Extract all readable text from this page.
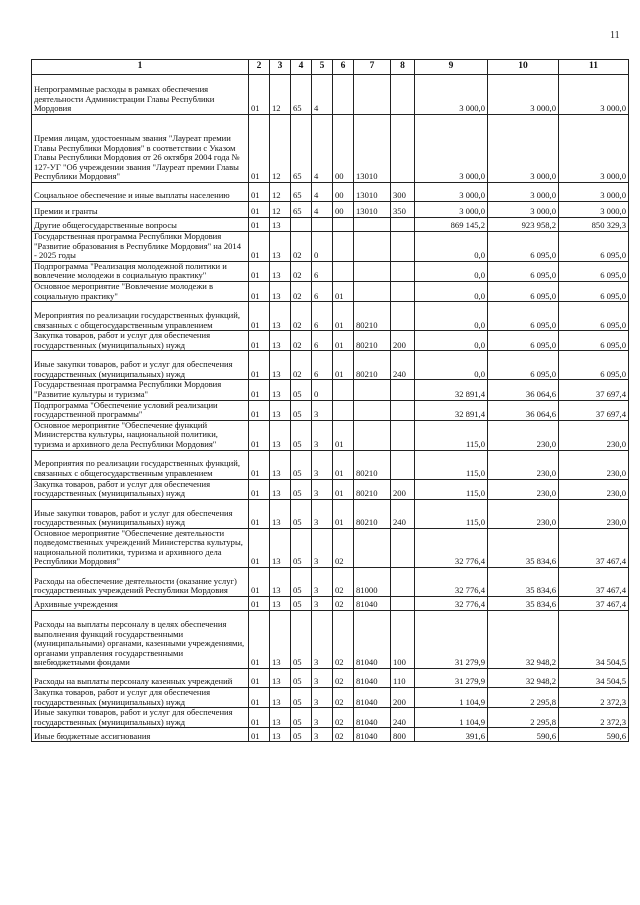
11
1	2	3	4	5	6	7	8	9	10	11
Непрограммные расходы в рамках обеспечения деятельности Администрации Главы Республики Мордовия	01	12	65	4				3 000,0	3 000,0	3 000,0
Премия лицам, удостоенным звания "Лауреат премии Главы Республики Мордовия" в соответствии с Указом Главы Республики Мордовия от 26 октября 2004 года № 127-УГ "Об учреждении звания "Лауреат премии Главы Республики Мордовия"	01	12	65	4	00	13010		3 000,0	3 000,0	3 000,0
Социальное обеспечение и иные выплаты населению	01	12	65	4	00	13010	300	3 000,0	3 000,0	3 000,0
Премии и гранты	01	12	65	4	00	13010	350	3 000,0	3 000,0	3 000,0
Другие общегосударственные вопросы	01	13						869 145,2	923 958,2	850 329,3
Государственная программа Республики Мордовия "Развитие образования в Республике Мордовия" на 2014 - 2025 годы	01	13	02	0				0,0	6 095,0	6 095,0
Подпрограмма "Реализация молодежной политики и вовлечение молодежи в социальную практику"	01	13	02	6				0,0	6 095,0	6 095,0
Основное мероприятие "Вовлечение молодежи в социальную практику"	01	13	02	6	01			0,0	6 095,0	6 095,0
Мероприятия по реализации государственных функций, связанных с общегосударственным управлением	01	13	02	6	01	80210		0,0	6 095,0	6 095,0
Закупка товаров, работ и услуг для обеспечения государственных (муниципальных) нужд	01	13	02	6	01	80210	200	0,0	6 095,0	6 095,0
Иные закупки товаров, работ и услуг для обеспечения государственных (муниципальных) нужд	01	13	02	6	01	80210	240	0,0	6 095,0	6 095,0
Государственная программа Республики Мордовия "Развитие культуры и туризма"	01	13	05	0				32 891,4	36 064,6	37 697,4
Подпрограмма "Обеспечение условий реализации государственной программы"	01	13	05	3				32 891,4	36 064,6	37 697,4
Основное мероприятие "Обеспечение функций Министерства культуры, национальной политики, туризма и архивного дела Республики Мордовия"	01	13	05	3	01			115,0	230,0	230,0
Мероприятия по реализации государственных функций, связанных с общегосударственным управлением	01	13	05	3	01	80210		115,0	230,0	230,0
Закупка товаров, работ и услуг для обеспечения государственных (муниципальных) нужд	01	13	05	3	01	80210	200	115,0	230,0	230,0
Иные закупки товаров, работ и услуг для обеспечения государственных (муниципальных) нужд	01	13	05	3	01	80210	240	115,0	230,0	230,0
Основное мероприятие "Обеспечение деятельности подведомственных учреждений Министерства культуры, национальной политики, туризма и архивного дела Республики Мордовия"	01	13	05	3	02			32 776,4	35 834,6	37 467,4
Расходы на обеспечение деятельности (оказание услуг) государственных учреждений Республики Мордовия	01	13	05	3	02	81000		32 776,4	35 834,6	37 467,4
Архивные учреждения	01	13	05	3	02	81040		32 776,4	35 834,6	37 467,4
Расходы на выплаты персоналу в целях обеспечения выполнения функций государственными (муниципальными) органами, казенными учреждениями, органами управления государственными внебюджетными фондами	01	13	05	3	02	81040	100	31 279,9	32 948,2	34 504,5
Расходы на выплаты персоналу казенных учреждений	01	13	05	3	02	81040	110	31 279,9	32 948,2	34 504,5
Закупка товаров, работ и услуг для обеспечения государственных (муниципальных) нужд	01	13	05	3	02	81040	200	1 104,9	2 295,8	2 372,3
Иные закупки товаров, работ и услуг для обеспечения государственных (муниципальных) нужд	01	13	05	3	02	81040	240	1 104,9	2 295,8	2 372,3
Иные бюджетные ассигнования	01	13	05	3	02	81040	800	391,6	590,6	590,6
